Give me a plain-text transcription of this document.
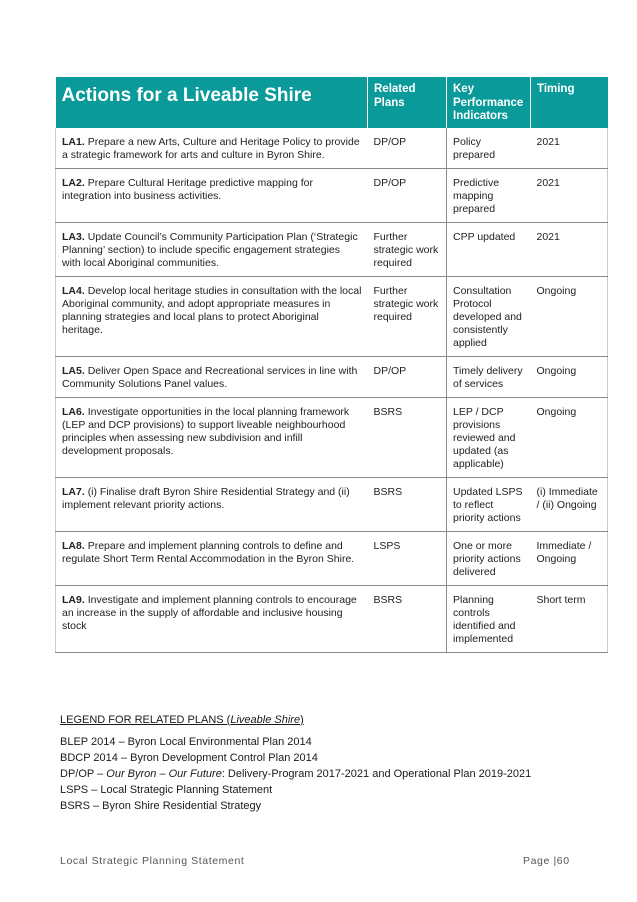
Actions for a Liveable Shire	Related Plans	Key Performance Indicators	Timing
LA1. Prepare a new Arts, Culture and Heritage Policy to provide a strategic framework for arts and culture in Byron Shire.	DP/OP	Policy prepared	2021
LA2. Prepare Cultural Heritage predictive mapping for integration into business activities.	DP/OP	Predictive mapping prepared	2021
LA3. Update Council’s Community Participation Plan (‘Strategic Planning’ section) to include specific engagement strategies with local Aboriginal communities.	Further strategic work required	CPP updated	2021
LA4. Develop local heritage studies in consultation with the local Aboriginal community, and adopt appropriate measures in planning strategies and local plans to protect Aboriginal heritage.	Further strategic work required	Consultation Protocol developed and consistently applied	Ongoing
LA5. Deliver Open Space and Recreational services in line with Community Solutions Panel values.	DP/OP	Timely delivery of services	Ongoing
LA6. Investigate opportunities in the local planning framework (LEP and DCP provisions) to support liveable neighbourhood principles when assessing new subdivision and infill development proposals.	BSRS	LEP / DCP provisions reviewed and updated (as applicable)	Ongoing
LA7. (i) Finalise draft Byron Shire Residential Strategy and (ii) implement relevant priority actions.	BSRS	Updated LSPS to reflect priority actions	(i) Immediate / (ii) Ongoing
LA8. Prepare and implement planning controls to define and regulate Short Term Rental Accommodation in the Byron Shire.	LSPS	One or more priority actions delivered	Immediate / Ongoing
LA9. Investigate and implement planning controls to encourage an increase in the supply of affordable and inclusive housing stock	BSRS	Planning controls identified and implemented	Short term
LEGEND FOR RELATED PLANS (Liveable Shire)

BLEP 2014 – Byron Local Environmental Plan 2014

BDCP 2014 – Byron Development Control Plan 2014

DP/OP – Our Byron – Our Future: Delivery-Program 2017-2021 and Operational Plan 2019-2021

LSPS – Local Strategic Planning Statement

BSRS – Byron Shire Residential Strategy

Local Strategic Planning Statement	Page |60
